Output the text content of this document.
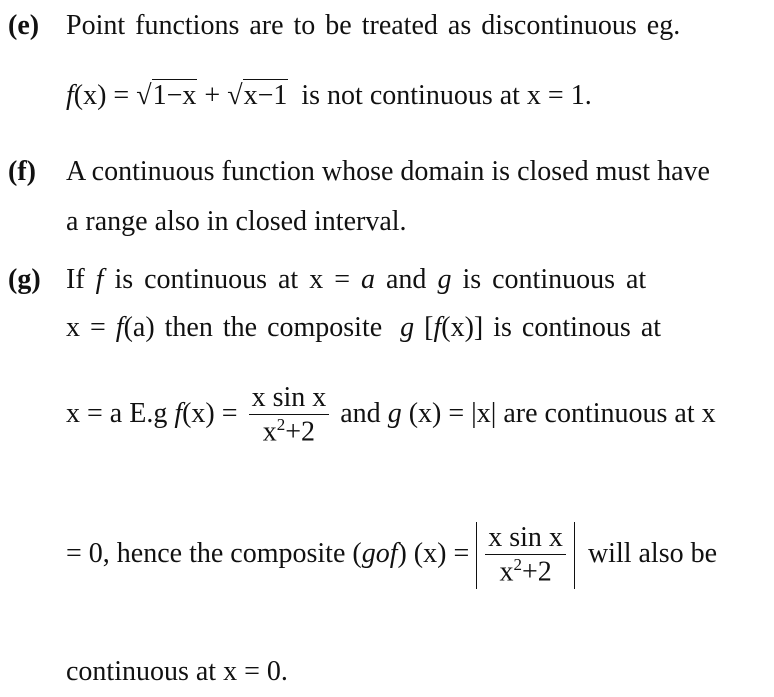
(e) Point functions are to be treated as discontinuous eg.
f(x) = √1−x + √x−1 is not continuous at x = 1.
(f) A continuous function whose domain is closed must have
a range also in closed interval.
(g) If f is continuous at x = a and g is continuous at
x = f(a) then the composite g [f(x)] is continous at
x = a E.g $f(x) = \frac{\text{x sin x}}{x^2+2}$ and g (x) = |x| are continuous at x
= 0, hence the composite (gof) $(x) = \frac{\text{x sin x}}{x^2+2}$ will also be
continuous at x = 0.
